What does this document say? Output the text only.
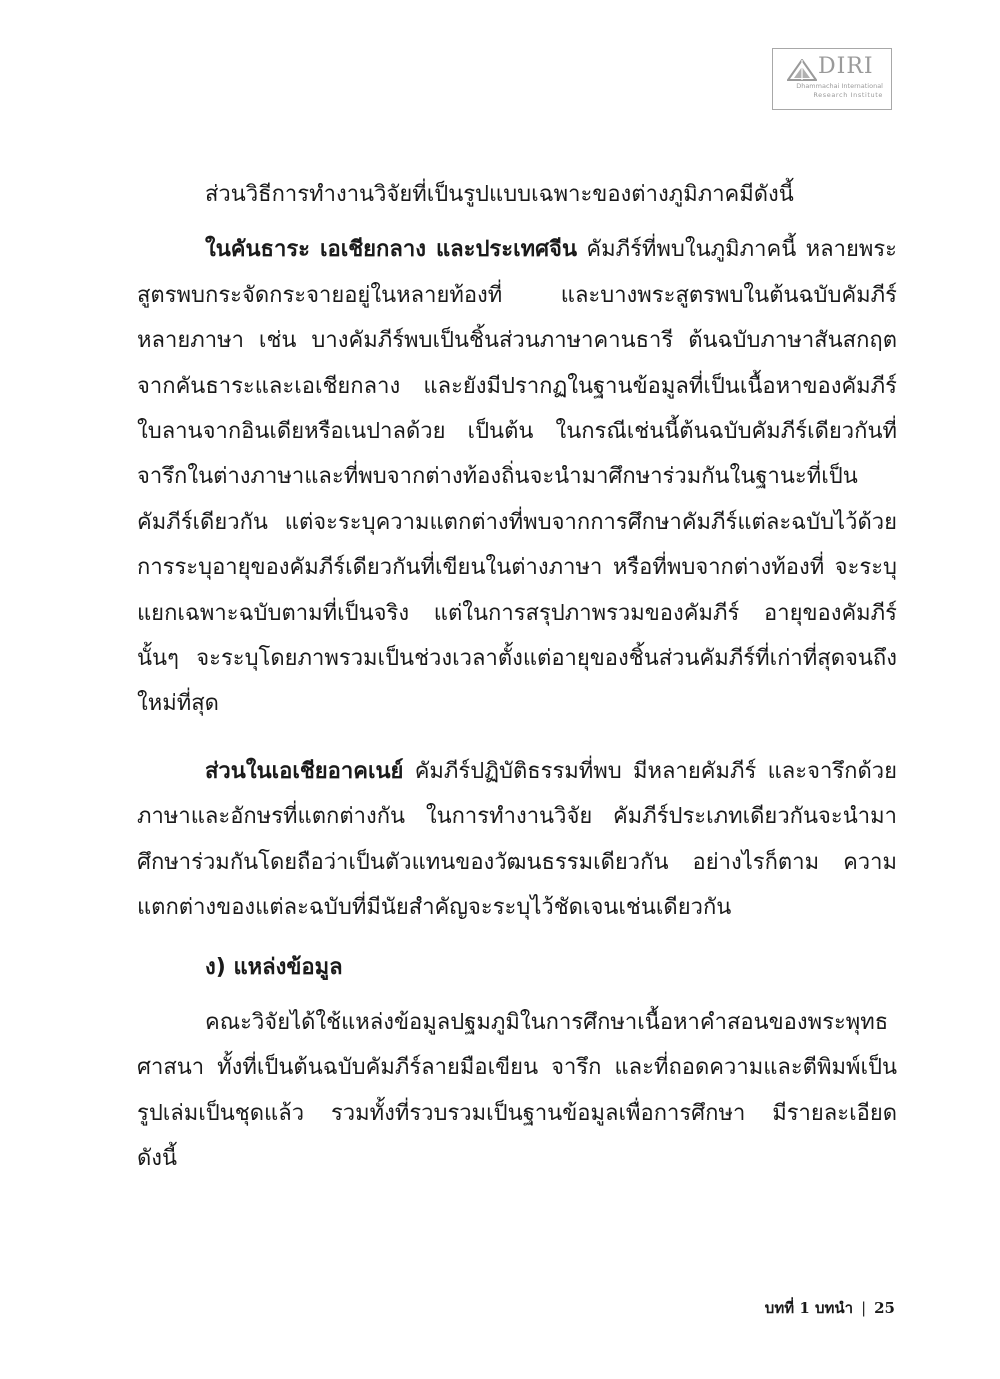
DIRI
Dhammachai International
Research Institute

ส่วนวิธีการทำงานวิจัยที่เป็นรูปแบบเฉพาะของต่างภูมิภาคมีดังนี้

ในคันธาระ เอเชียกลาง และประเทศจีน คัมภีร์ที่พบในภูมิภาคนี้ หลายพระสูตรพบกระจัดกระจายอยู่ในหลายท้องที่ และบางพระสูตรพบในต้นฉบับคัมภีร์หลายภาษา เช่น บางคัมภีร์พบเป็นชิ้นส่วนภาษาคานธารี ต้นฉบับภาษาสันสกฤตจากคันธาระและเอเชียกลาง และยังมีปรากฏในฐานข้อมูลที่เป็นเนื้อหาของคัมภีร์ใบลานจากอินเดียหรือเนปาลด้วย เป็นต้น ในกรณีเช่นนี้ต้นฉบับคัมภีร์เดียวกันที่จารึกในต่างภาษาและที่พบจากต่างท้องถิ่นจะนำมาศึกษาร่วมกันในฐานะที่เป็นคัมภีร์เดียวกัน แต่จะระบุความแตกต่างที่พบจากการศึกษาคัมภีร์แต่ละฉบับไว้ด้วย การระบุอายุของคัมภีร์เดียวกันที่เขียนในต่างภาษา หรือที่พบจากต่างท้องที่ จะระบุแยกเฉพาะฉบับตามที่เป็นจริง แต่ในการสรุปภาพรวมของคัมภีร์ อายุของคัมภีร์นั้นๆ จะระบุโดยภาพรวมเป็นช่วงเวลาตั้งแต่อายุของชิ้นส่วนคัมภีร์ที่เก่าที่สุดจนถึงใหม่ที่สุด

ส่วนในเอเชียอาคเนย์ คัมภีร์ปฏิบัติธรรมที่พบ มีหลายคัมภีร์ และจารึกด้วยภาษาและอักษรที่แตกต่างกัน ในการทำงานวิจัย คัมภีร์ประเภทเดียวกันจะนำมาศึกษาร่วมกันโดยถือว่าเป็นตัวแทนของวัฒนธรรมเดียวกัน อย่างไรก็ตาม ความแตกต่างของแต่ละฉบับที่มีนัยสำคัญจะระบุไว้ชัดเจนเช่นเดียวกัน

ง) แหล่งข้อมูล

คณะวิจัยได้ใช้แหล่งข้อมูลปฐมภูมิในการศึกษาเนื้อหาคำสอนของพระพุทธศาสนา ทั้งที่เป็นต้นฉบับคัมภีร์ลายมือเขียน จารึก และที่ถอดความและตีพิมพ์เป็นรูปเล่มเป็นชุดแล้ว รวมทั้งที่รวบรวมเป็นฐานข้อมูลเพื่อการศึกษา มีรายละเอียดดังนี้

บทที่ 1 บทนำ | 25
